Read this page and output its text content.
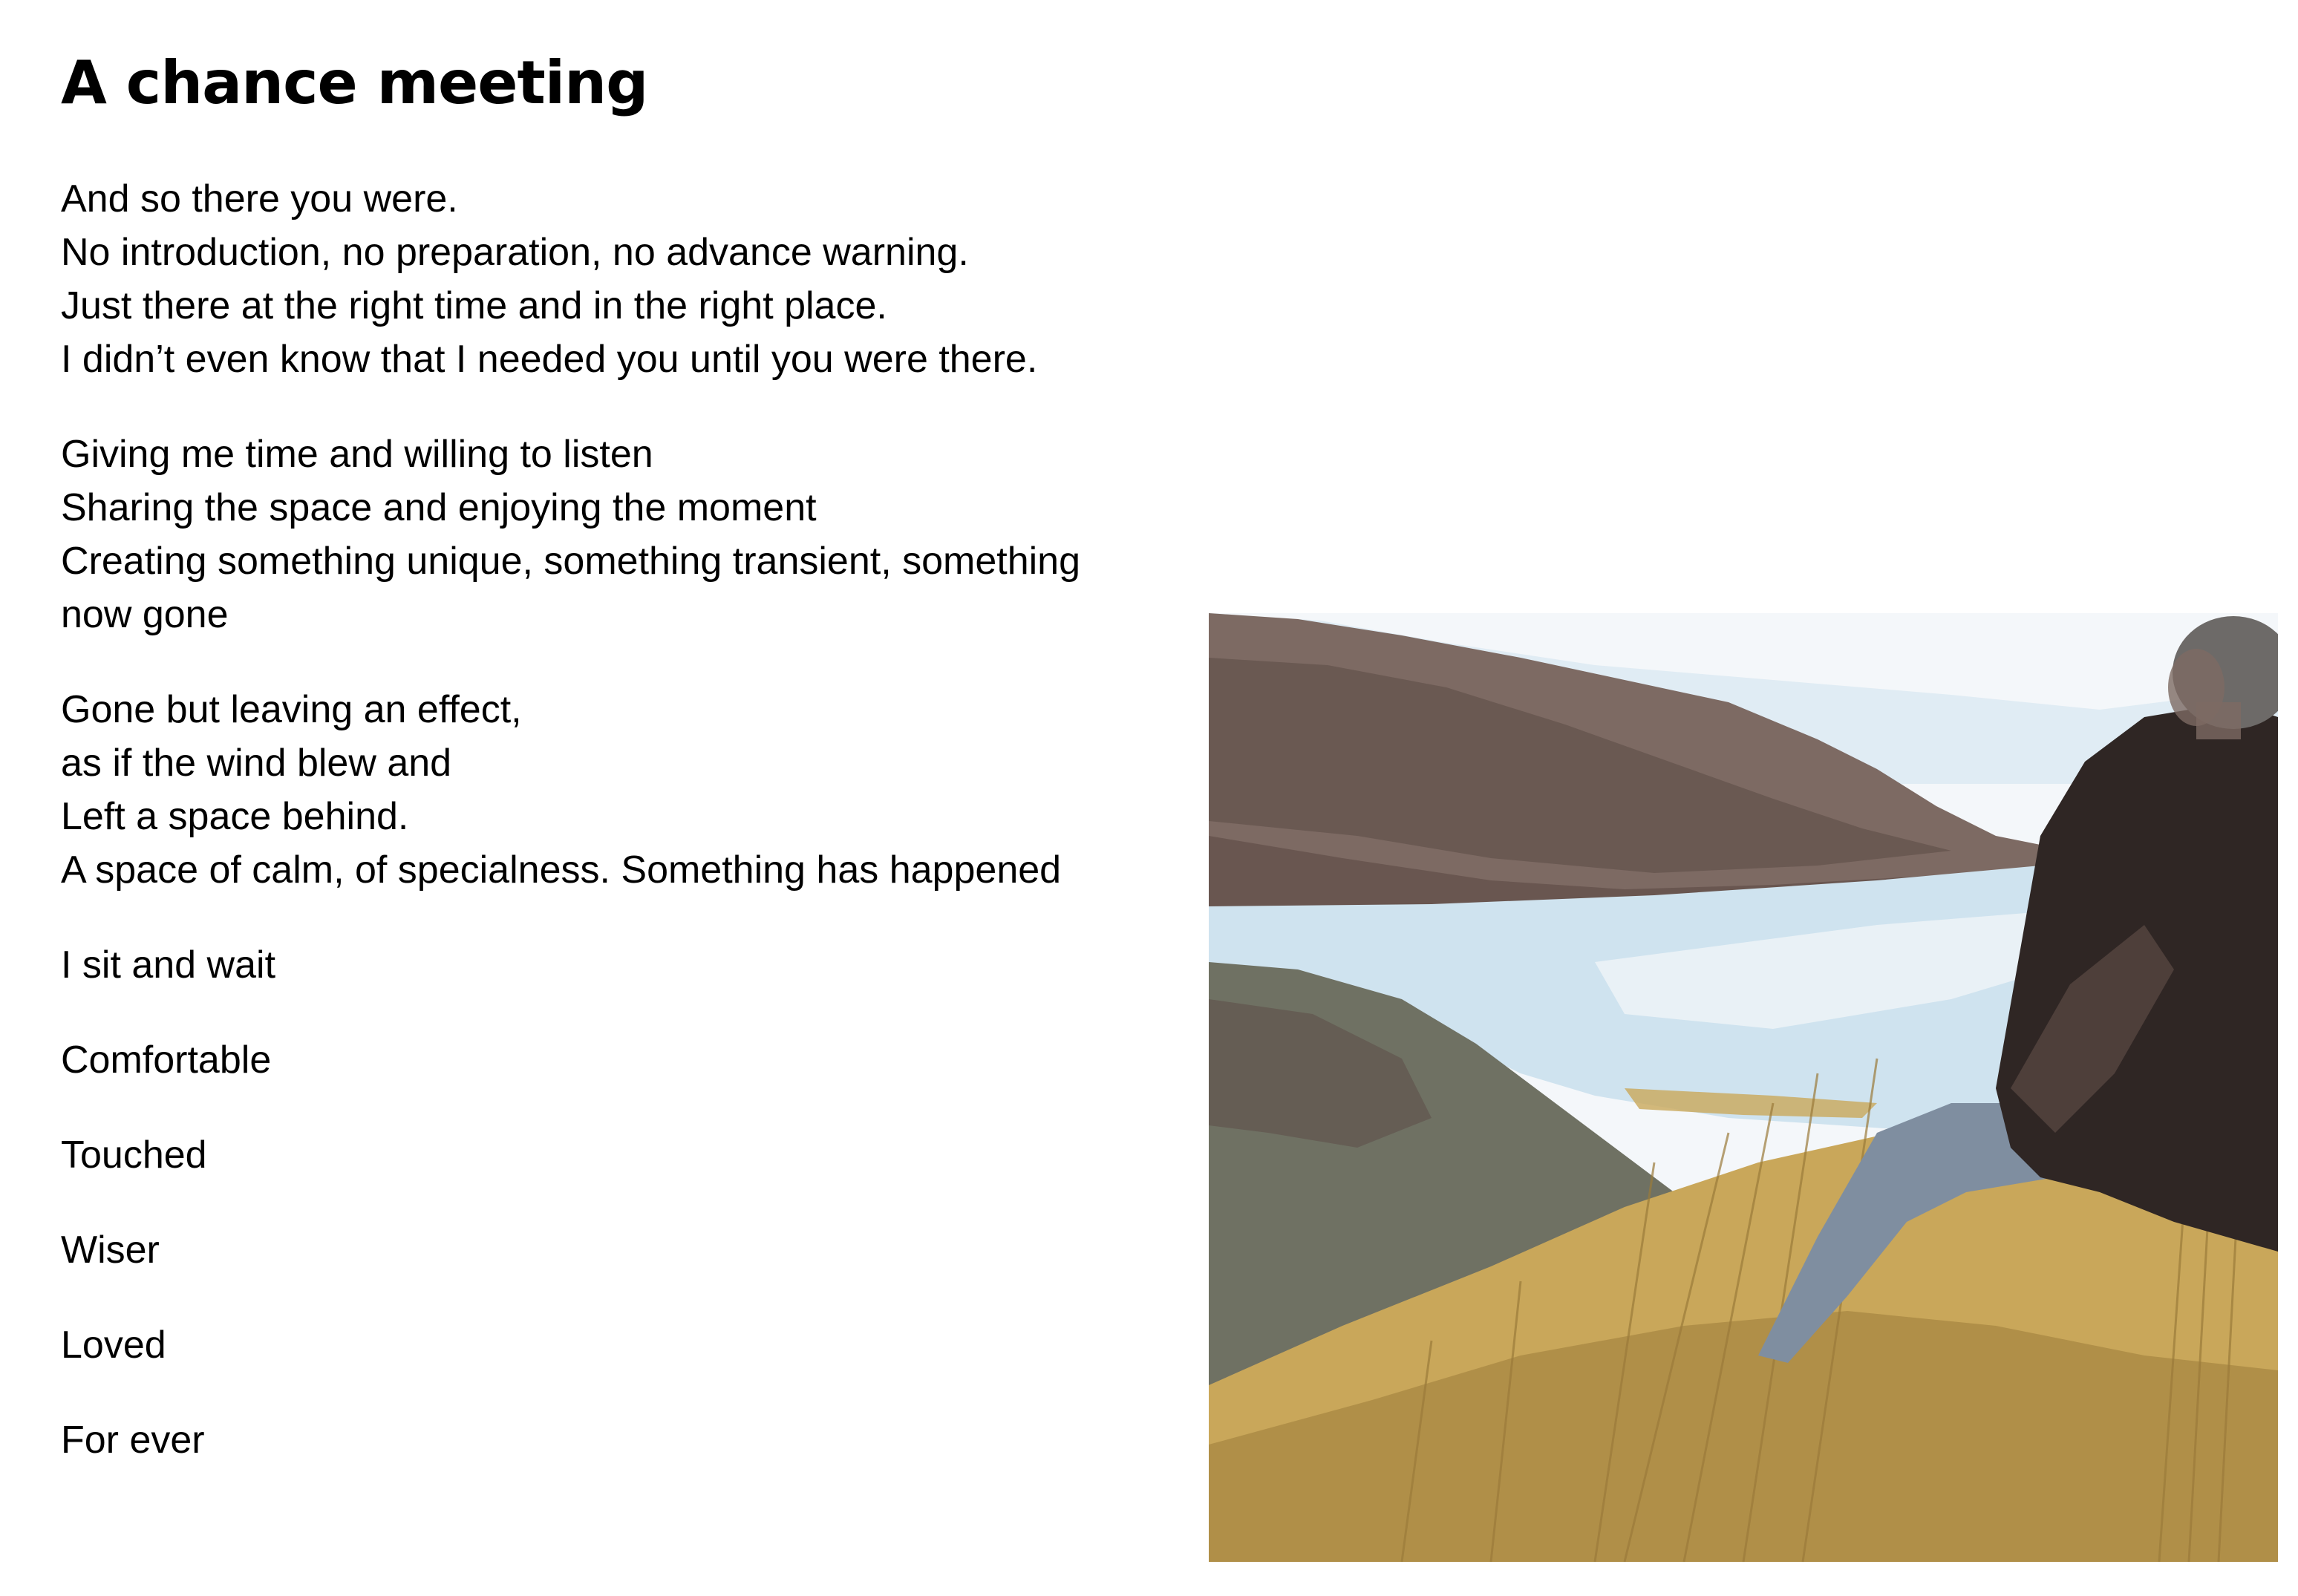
A chance meeting
And so there you were.
No introduction, no preparation, no advance warning.
Just there at the right time and in the right place.
I didn’t even know that I needed you until you were there.
Giving me time and willing to listen
Sharing the space and enjoying the moment
Creating something unique, something transient, something
now gone
Gone but leaving an effect,
as if the wind blew and
Left a space behind.
A space of calm, of specialness. Something has happened
I sit and wait
Comfortable
Touched
Wiser
Loved
For ever
